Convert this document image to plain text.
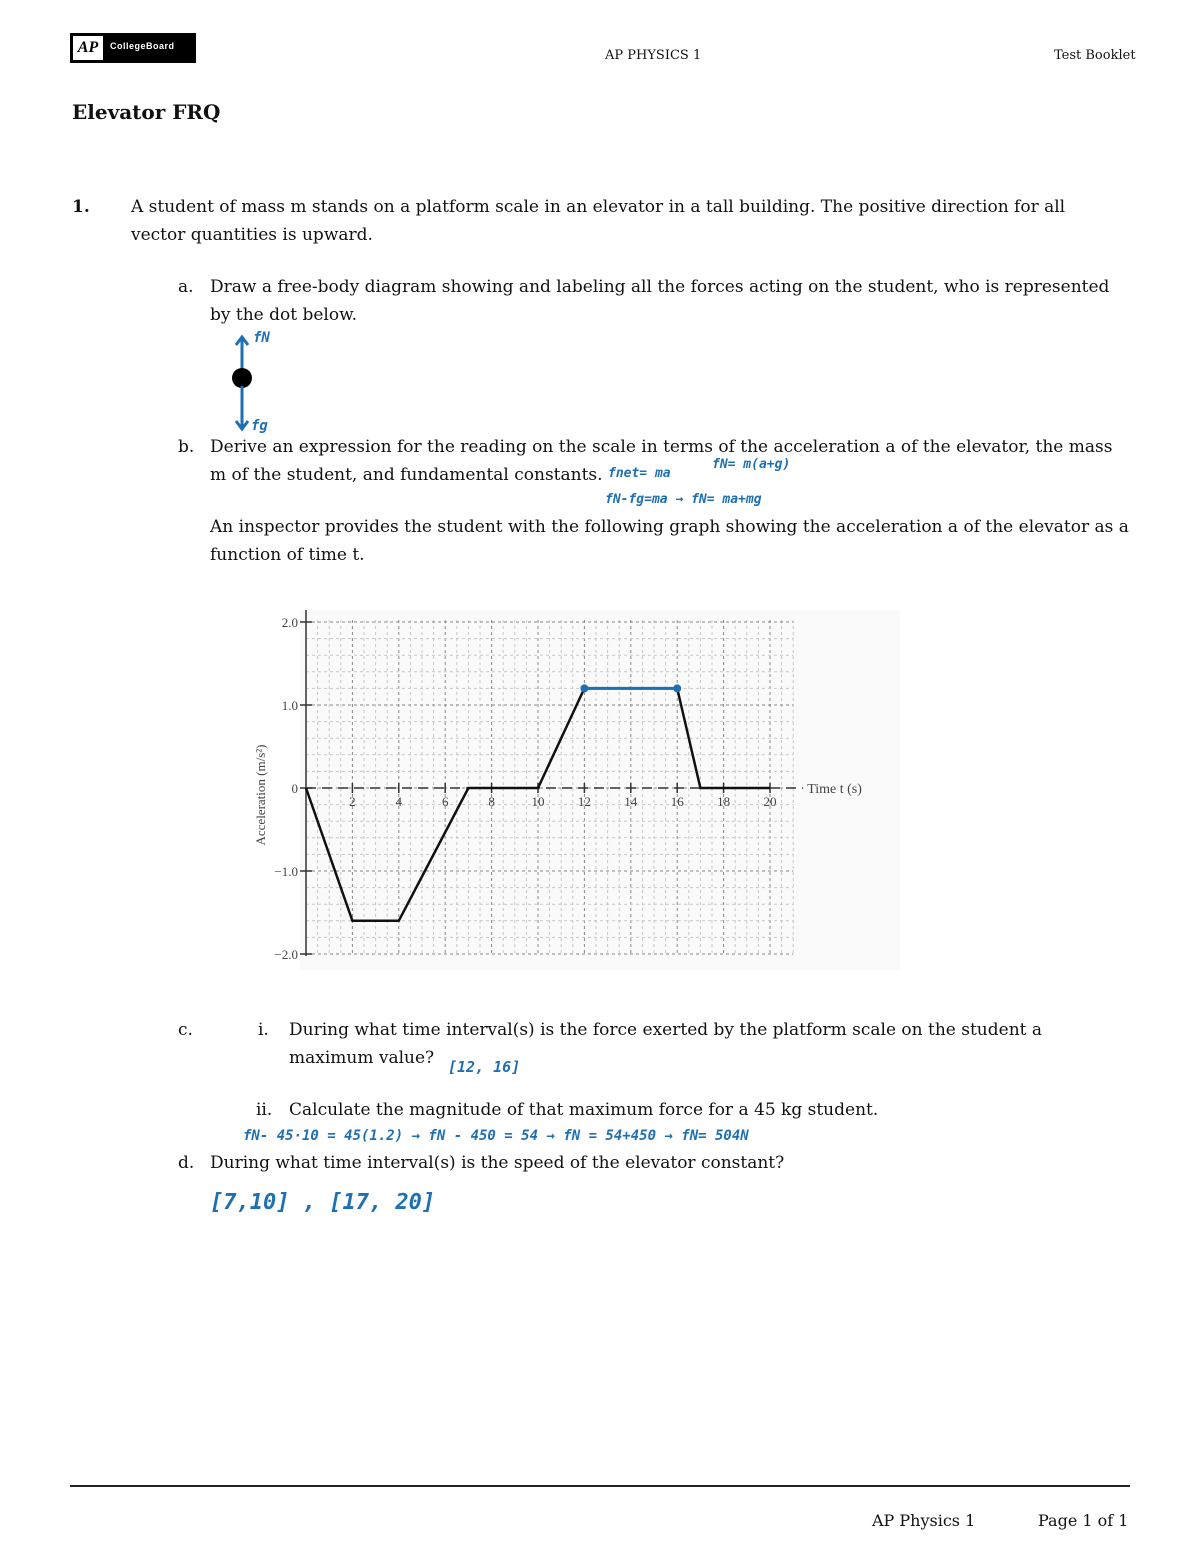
AP	CollegeBoard
AP PHYSICS 1	Test Booklet
Elevator FRQ
1. A student of mass m stands on a platform scale in an elevator in a tall building. The positive direction for all
vector quantities is upward.
a. Draw a free-body diagram showing and labeling all the forces acting on the student, who is represented
by the dot below.
fN
fg
b. Derive an expression for the reading on the scale in terms of the acceleration a of the elevator, the mass
m of the student, and fundamental constants. fnet= ma
fN= m(a+g)
fN-fg=ma → fN= ma+mg
An inspector provides the student with the following graph showing the acceleration a of the elevator as a
function of time t.
2.0
1.0
0
−1.0
−2.0
2	4	6	8	10	12	14	16	18	20
Time t (s)
Acceleration (m/s²)
c.	i. During what time interval(s) is the force exerted by the platform scale on the student a
maximum value? [12, 16]
ii. Calculate the magnitude of that maximum force for a 45 kg student.
fN- 45·10 = 45(1.2) → fN - 450 = 54 → fN = 54+450 → fN= 504N
d. During what time interval(s) is the speed of the elevator constant?
[7,10] , [17, 20]
AP Physics 1	Page 1 of 1
